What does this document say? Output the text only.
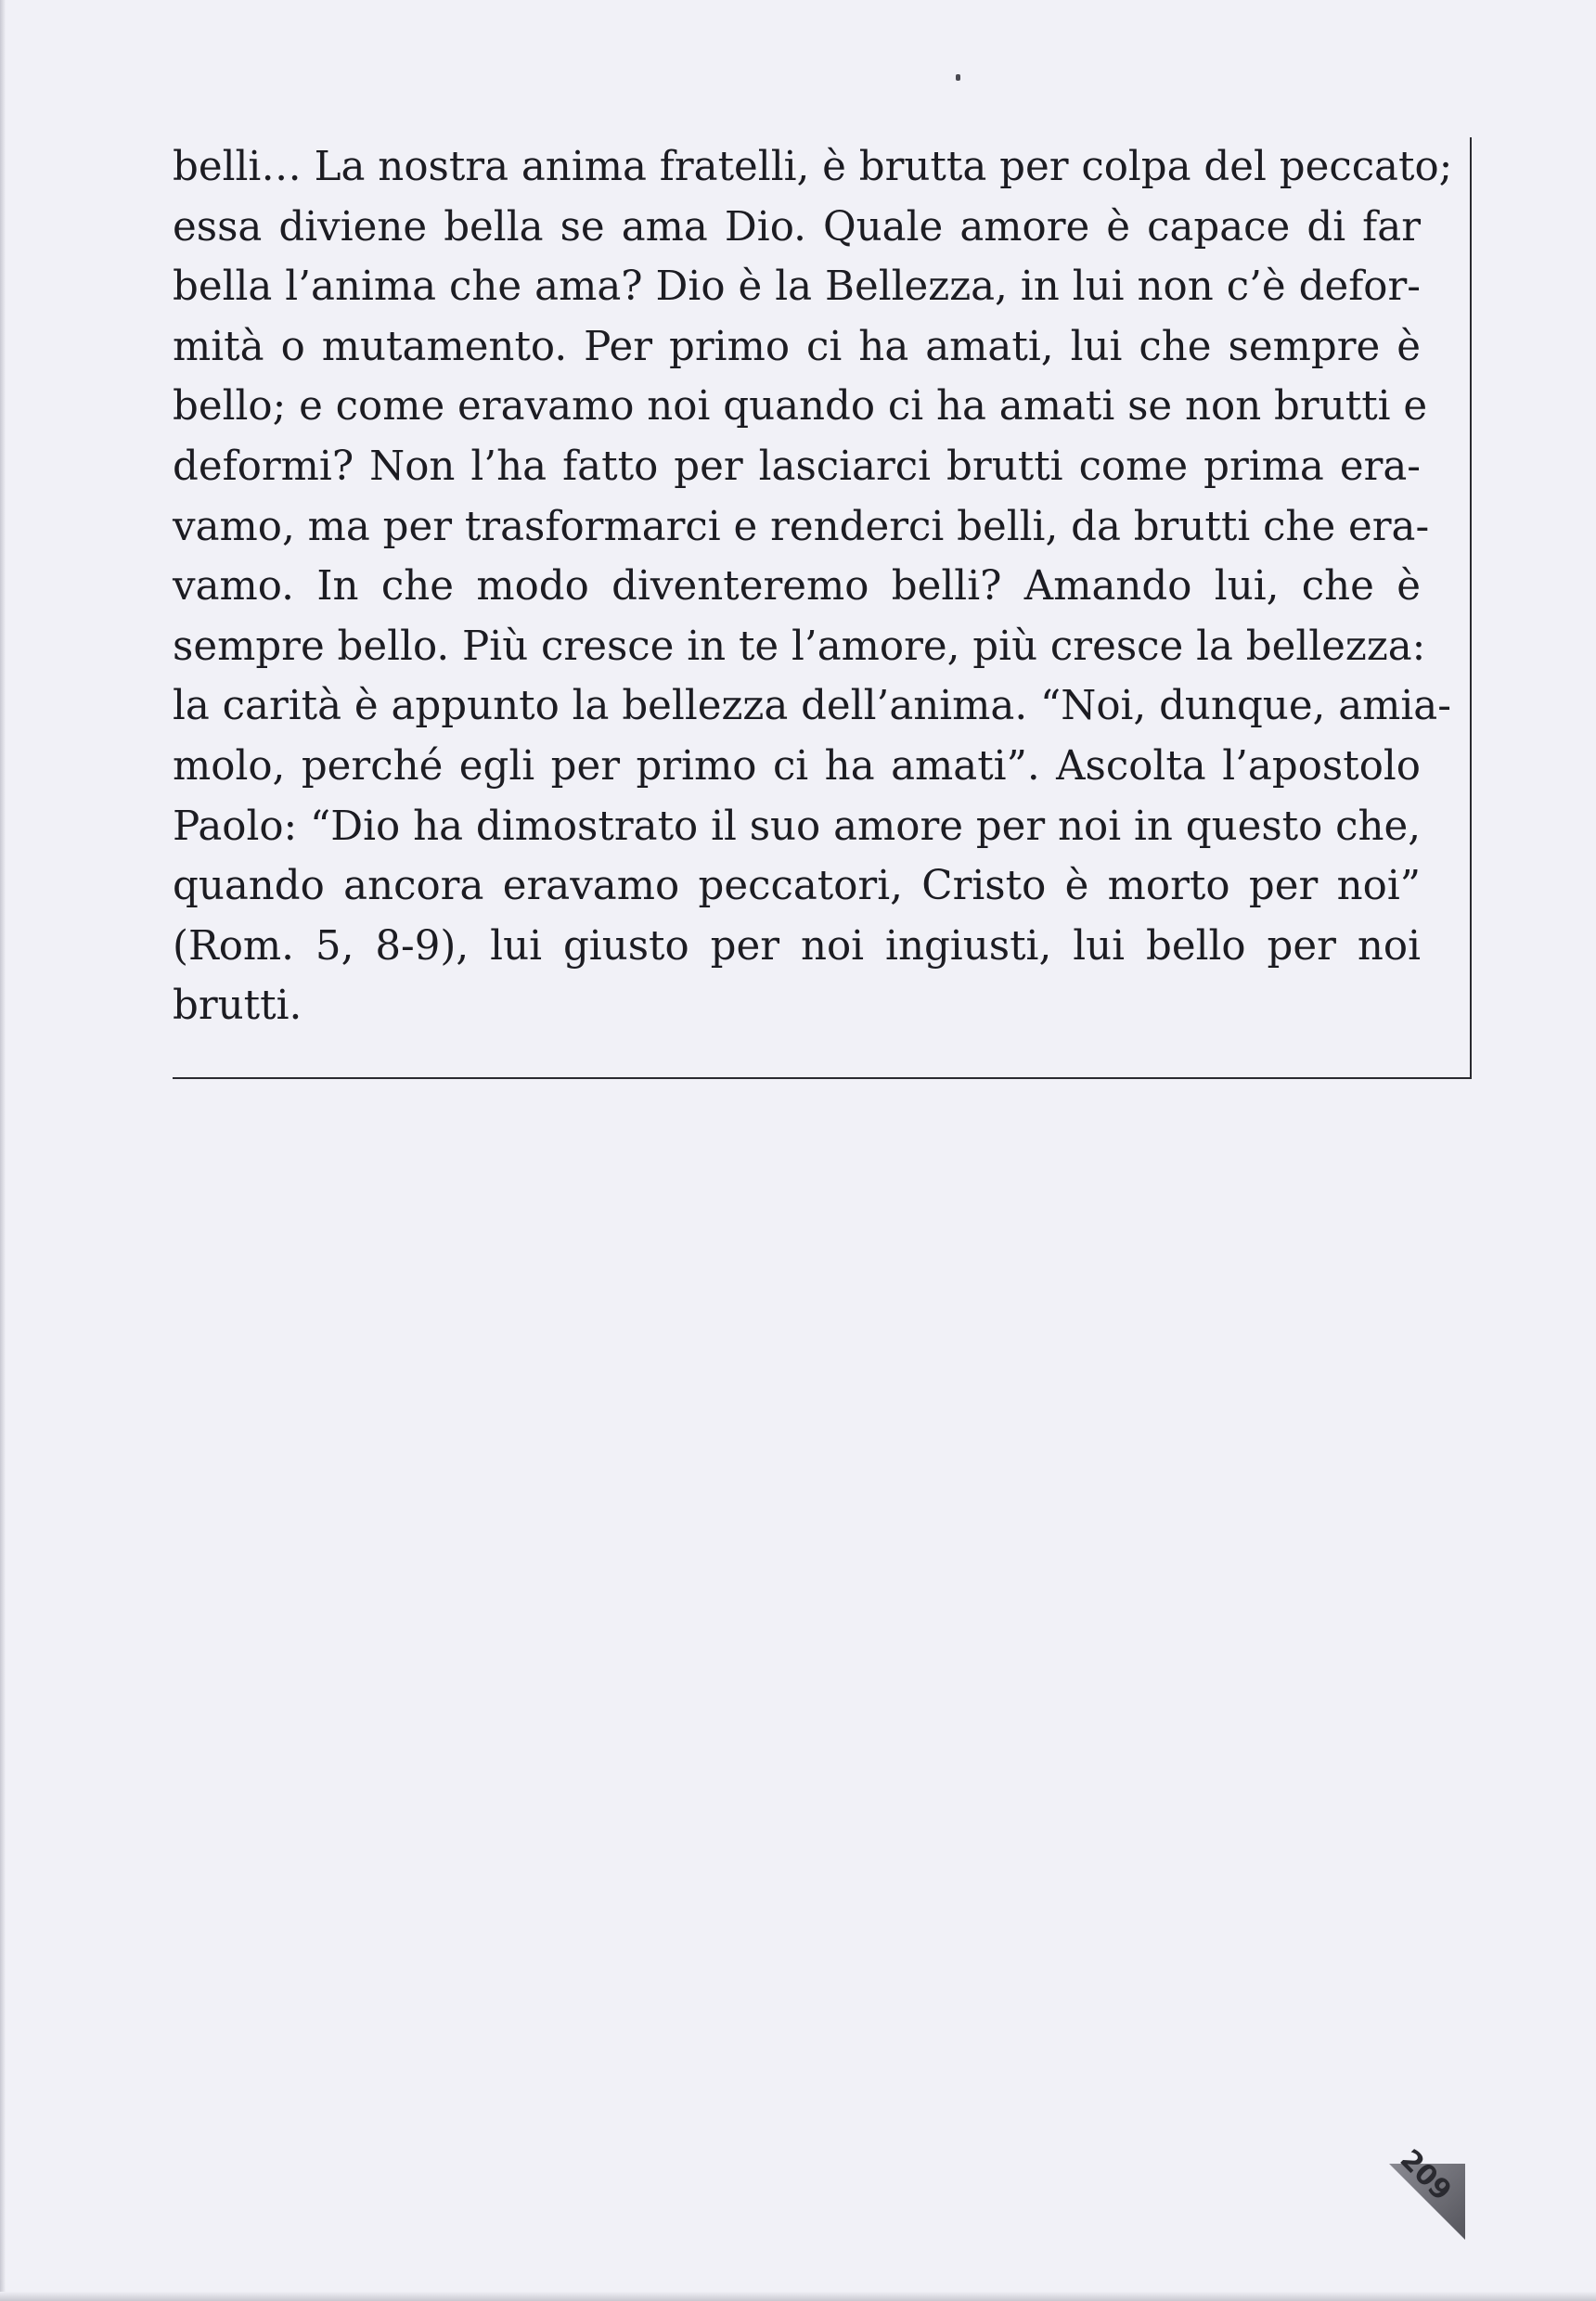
belli… La nostra anima fratelli, è brutta per colpa del peccato;
essa diviene bella se ama Dio. Quale amore è capace di far
bella l’anima che ama? Dio è la Bellezza, in lui non c’è defor-
mità o mutamento. Per primo ci ha amati, lui che sempre è
bello; e come eravamo noi quando ci ha amati se non brutti e
deformi? Non l’ha fatto per lasciarci brutti come prima era-
vamo, ma per trasformarci e renderci belli, da brutti che era-
vamo. In che modo diventeremo belli? Amando lui, che è
sempre bello. Più cresce in te l’amore, più cresce la bellezza:
la carità è appunto la bellezza dell’anima. “Noi, dunque, amia-
molo, perché egli per primo ci ha amati”. Ascolta l’apostolo
Paolo: “Dio ha dimostrato il suo amore per noi in questo che,
quando ancora eravamo peccatori, Cristo è morto per noi”
(Rom. 5, 8-9), lui giusto per noi ingiusti, lui bello per noi
brutti.

209
